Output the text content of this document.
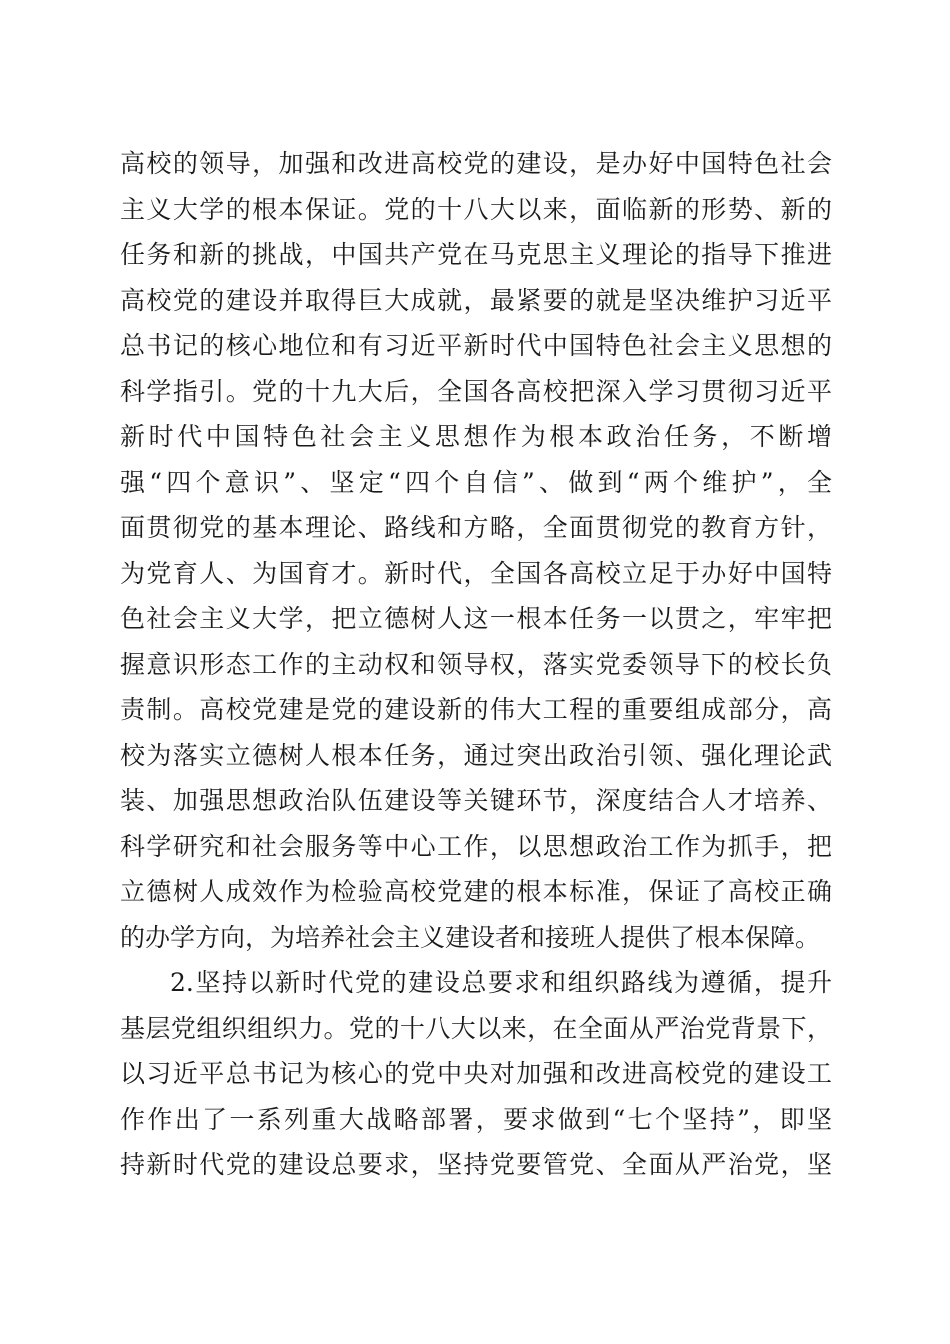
高校的领导，加强和改进高校党的建设，是办好中国特色社会
主义大学的根本保证。党的十八大以来，面临新的形势、新的
任务和新的挑战，中国共产党在马克思主义理论的指导下推进
高校党的建设并取得巨大成就，最紧要的就是坚决维护习近平
总书记的核心地位和有习近平新时代中国特色社会主义思想的
科学指引。党的十九大后，全国各高校把深入学习贯彻习近平
新时代中国特色社会主义思想作为根本政治任务，不断增
强“四个意识”、坚定“四个自信”、做到“两个维护”，全
面贯彻党的基本理论、路线和方略，全面贯彻党的教育方针，
为党育人、为国育才。新时代，全国各高校立足于办好中国特
色社会主义大学，把立德树人这一根本任务一以贯之，牢牢把
握意识形态工作的主动权和领导权，落实党委领导下的校长负
责制。高校党建是党的建设新的伟大工程的重要组成部分，高
校为落实立德树人根本任务，通过突出政治引领、强化理论武
装、加强思想政治队伍建设等关键环节，深度结合人才培养、
科学研究和社会服务等中心工作，以思想政治工作为抓手，把
立德树人成效作为检验高校党建的根本标准，保证了高校正确
的办学方向，为培养社会主义建设者和接班人提供了根本保障。
2.坚持以新时代党的建设总要求和组织路线为遵循，提升
基层党组织组织力。党的十八大以来，在全面从严治党背景下，
以习近平总书记为核心的党中央对加强和改进高校党的建设工
作作出了一系列重大战略部署，要求做到“七个坚持”，即坚
持新时代党的建设总要求，坚持党要管党、全面从严治党，坚
